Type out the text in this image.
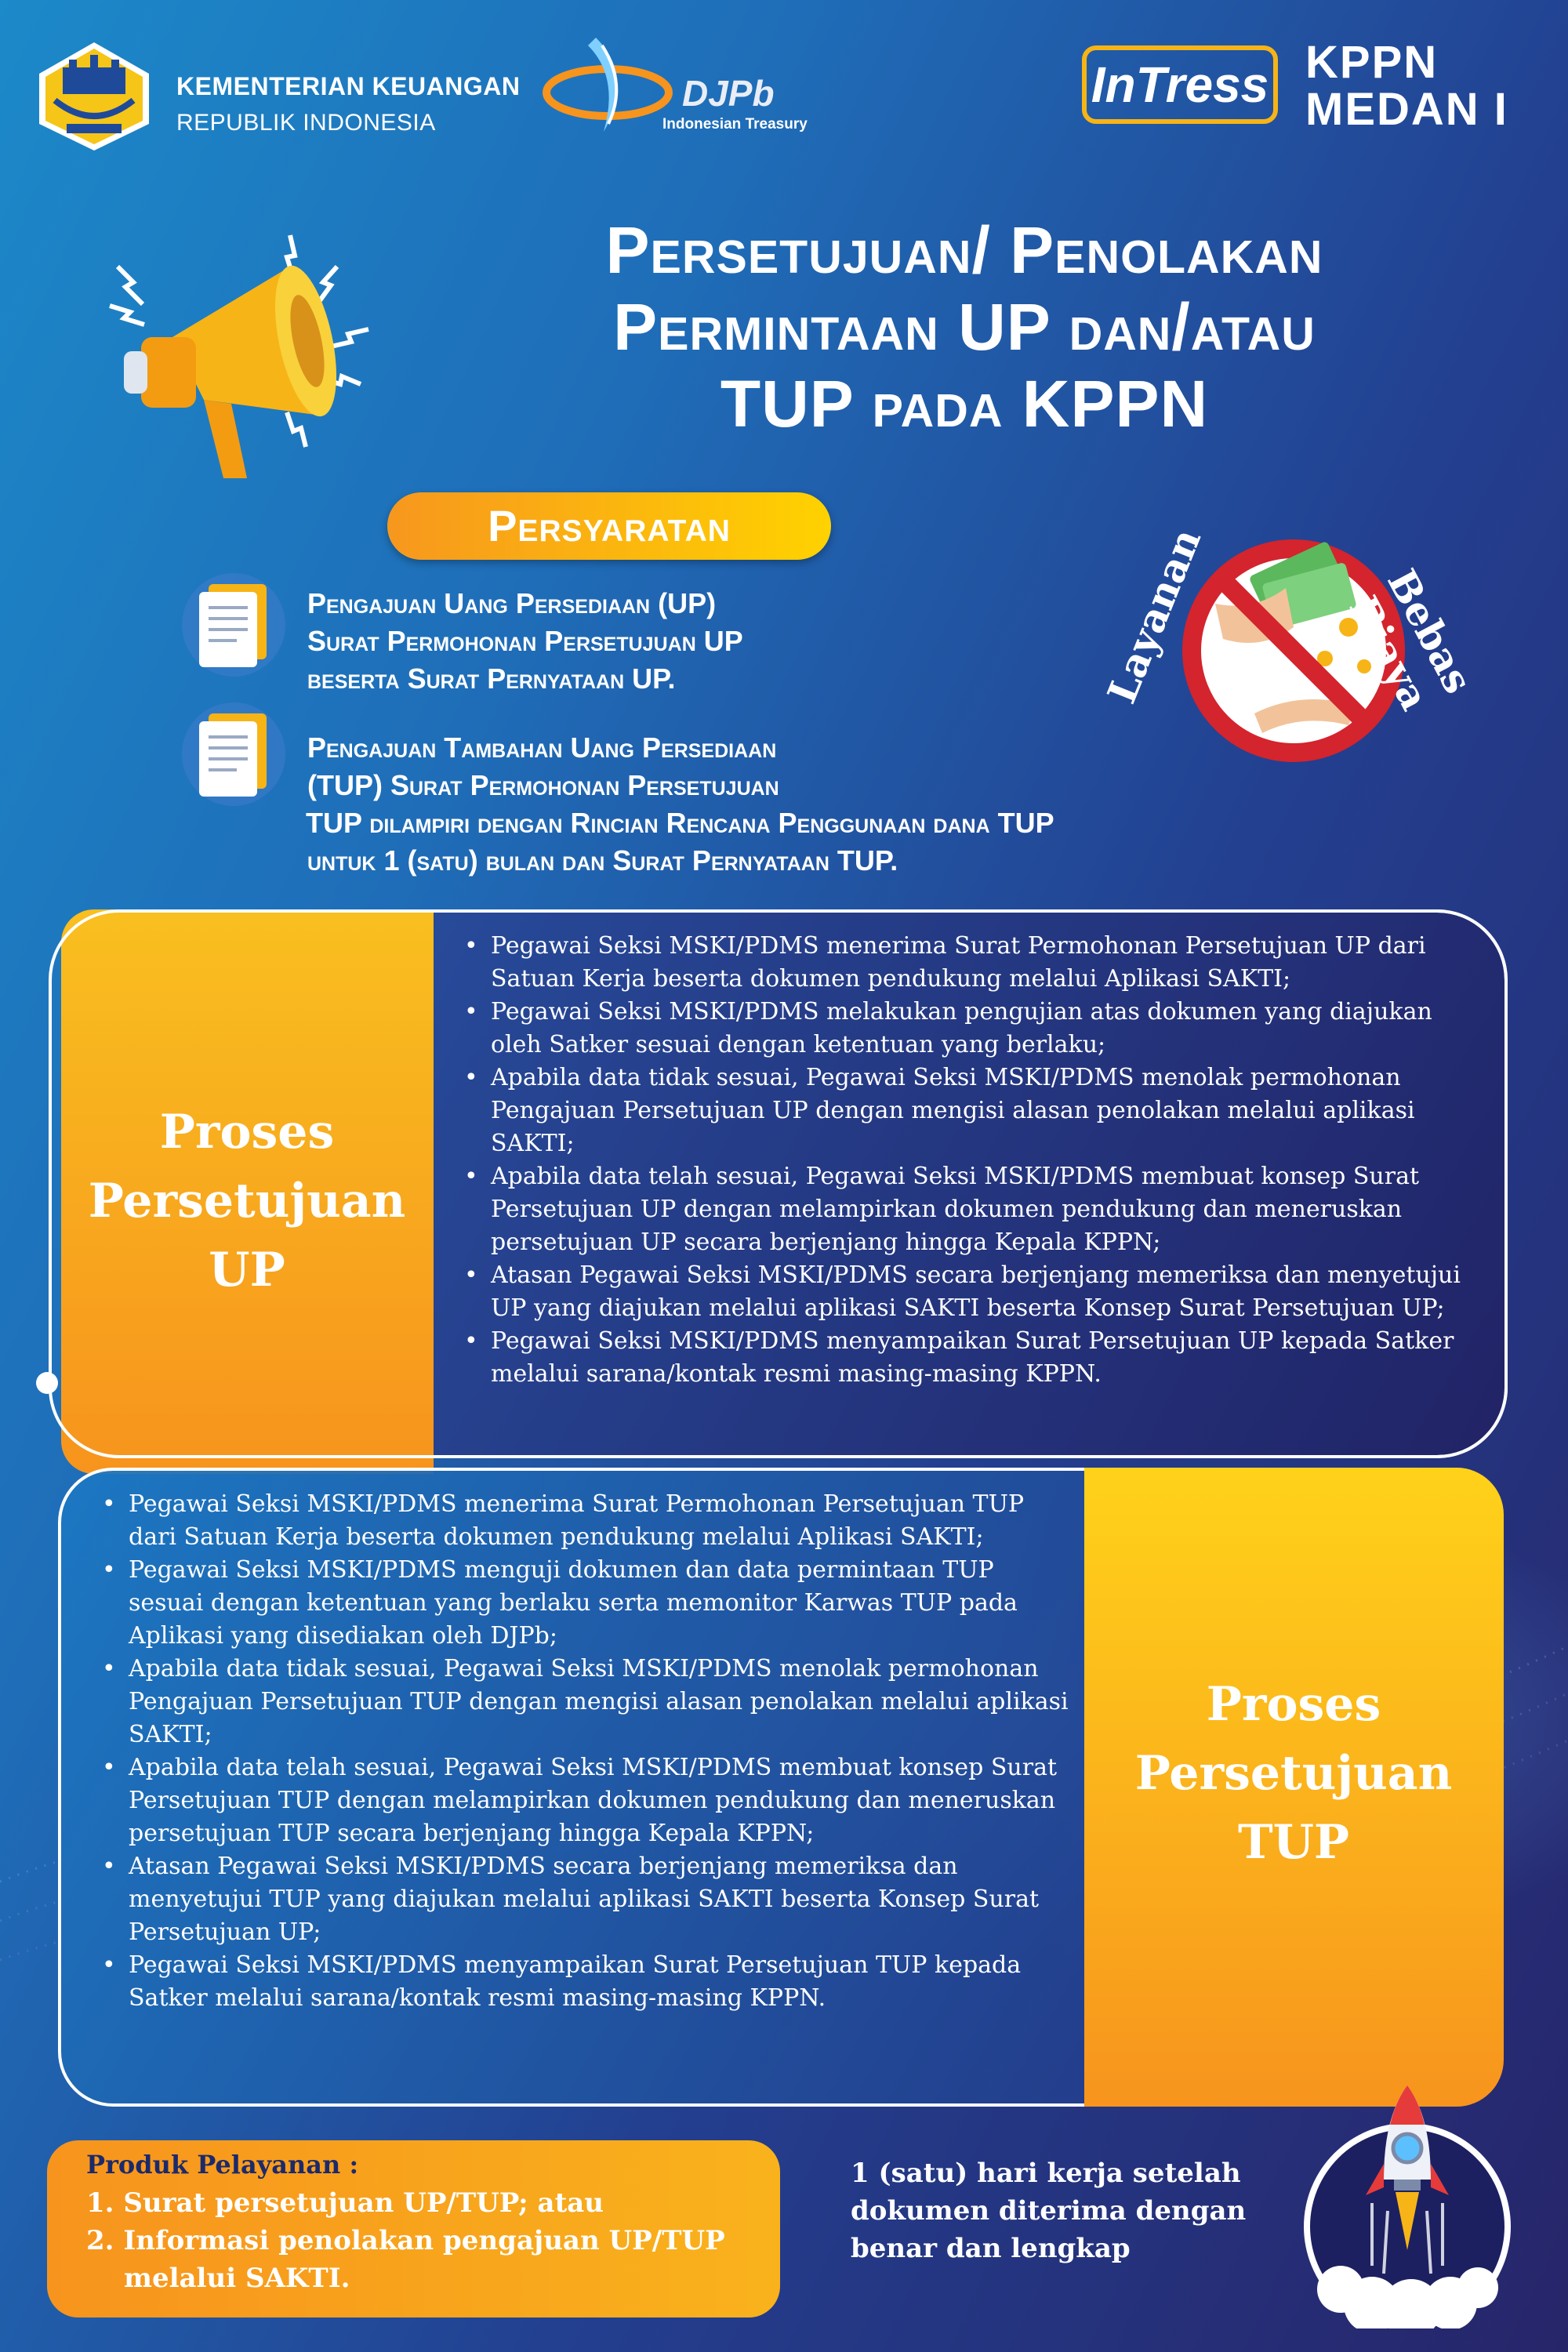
KEMENTERIAN KEUANGAN
REPUBLIK INDONESIA
DJPb
Indonesian Treasury
InTress KPPN
MEDAN I
Persetujuan/ Penolakan
Permintaan UP dan/atau
TUP pada KPPN
Persyaratan
Pengajuan Uang Persediaan (UP)
Surat Permohonan Persetujuan UP
beserta Surat Pernyataan UP.
Pengajuan Tambahan Uang Persediaan
(TUP) Surat Permohonan Persetujuan
TUP dilampiri dengan Rincian Rencana Penggunaan dana TUP
untuk 1 (satu) bulan dan Surat Pernyataan TUP.
Layanan	Bebas Biaya
Proses
Persetujuan
UP
• Pegawai Seksi MSKI/PDMS menerima Surat Permohonan Persetujuan UP dari Satuan Kerja beserta dokumen pendukung melalui Aplikasi SAKTI;
• Pegawai Seksi MSKI/PDMS melakukan pengujian atas dokumen yang diajukan oleh Satker sesuai dengan ketentuan yang berlaku;
• Apabila data tidak sesuai, Pegawai Seksi MSKI/PDMS menolak permohonan Pengajuan Persetujuan UP dengan mengisi alasan penolakan melalui aplikasi SAKTI;
• Apabila data telah sesuai, Pegawai Seksi MSKI/PDMS membuat konsep Surat Persetujuan UP dengan melampirkan dokumen pendukung dan meneruskan persetujuan UP secara berjenjang hingga Kepala KPPN;
• Atasan Pegawai Seksi MSKI/PDMS secara berjenjang memeriksa dan menyetujui UP yang diajukan melalui aplikasi SAKTI beserta Konsep Surat Persetujuan UP;
• Pegawai Seksi MSKI/PDMS menyampaikan Surat Persetujuan UP kepada Satker melalui sarana/kontak resmi masing-masing KPPN.
Proses
Persetujuan
TUP
• Pegawai Seksi MSKI/PDMS menerima Surat Permohonan Persetujuan TUP dari Satuan Kerja beserta dokumen pendukung melalui Aplikasi SAKTI;
• Pegawai Seksi MSKI/PDMS menguji dokumen dan data permintaan TUP sesuai dengan ketentuan yang berlaku serta memonitor Karwas TUP pada Aplikasi yang disediakan oleh DJPb;
• Apabila data tidak sesuai, Pegawai Seksi MSKI/PDMS menolak permohonan Pengajuan Persetujuan TUP dengan mengisi alasan penolakan melalui aplikasi SAKTI;
• Apabila data telah sesuai, Pegawai Seksi MSKI/PDMS membuat konsep Surat Persetujuan TUP dengan melampirkan dokumen pendukung dan meneruskan persetujuan TUP secara berjenjang hingga Kepala KPPN;
• Atasan Pegawai Seksi MSKI/PDMS secara berjenjang memeriksa dan menyetujui TUP yang diajukan melalui aplikasi SAKTI beserta Konsep Surat Persetujuan UP;
• Pegawai Seksi MSKI/PDMS menyampaikan Surat Persetujuan TUP kepada Satker melalui sarana/kontak resmi masing-masing KPPN.
Produk Pelayanan :
1. Surat persetujuan UP/TUP; atau
2. Informasi penolakan pengajuan UP/TUP
melalui SAKTI.
1 (satu) hari kerja setelah
dokumen diterima dengan
benar dan lengkap
